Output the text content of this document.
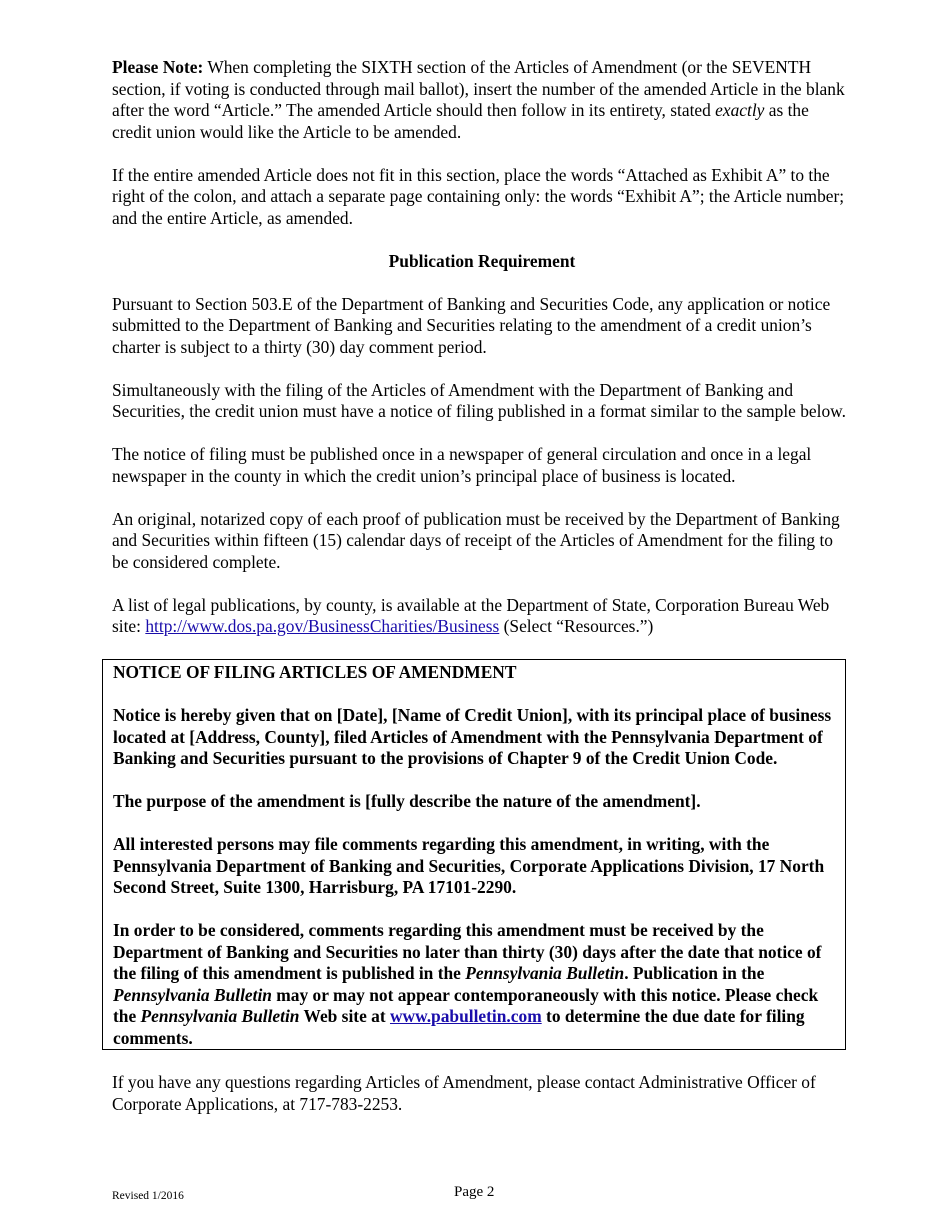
Please Note: When completing the SIXTH section of the Articles of Amendment (or the SEVENTH section, if voting is conducted through mail ballot), insert the number of the amended Article in the blank after the word “Article.” The amended Article should then follow in its entirety, stated exactly as the credit union would like the Article to be amended.

If the entire amended Article does not fit in this section, place the words “Attached as Exhibit A” to the right of the colon, and attach a separate page containing only: the words “Exhibit A”; the Article number; and the entire Article, as amended.

Publication Requirement

Pursuant to Section 503.E of the Department of Banking and Securities Code, any application or notice submitted to the Department of Banking and Securities relating to the amendment of a credit union’s charter is subject to a thirty (30) day comment period.

Simultaneously with the filing of the Articles of Amendment with the Department of Banking and Securities, the credit union must have a notice of filing published in a format similar to the sample below.

The notice of filing must be published once in a newspaper of general circulation and once in a legal newspaper in the county in which the credit union’s principal place of business is located.

An original, notarized copy of each proof of publication must be received by the Department of Banking and Securities within fifteen (15) calendar days of receipt of the Articles of Amendment for the filing to be considered complete.

A list of legal publications, by county, is available at the Department of State, Corporation Bureau Web site: http://www.dos.pa.gov/BusinessCharities/Business (Select “Resources.”)

NOTICE OF FILING ARTICLES OF AMENDMENT

Notice is hereby given that on [Date], [Name of Credit Union], with its principal place of business located at [Address, County], filed Articles of Amendment with the Pennsylvania Department of Banking and Securities pursuant to the provisions of Chapter 9 of the Credit Union Code.

The purpose of the amendment is [fully describe the nature of the amendment].

All interested persons may file comments regarding this amendment, in writing, with the Pennsylvania Department of Banking and Securities, Corporate Applications Division, 17 North Second Street, Suite 1300, Harrisburg, PA 17101-2290.

In order to be considered, comments regarding this amendment must be received by the Department of Banking and Securities no later than thirty (30) days after the date that notice of the filing of this amendment is published in the Pennsylvania Bulletin. Publication in the Pennsylvania Bulletin may or may not appear contemporaneously with this notice. Please check the Pennsylvania Bulletin Web site at www.pabulletin.com to determine the due date for filing comments.

If you have any questions regarding Articles of Amendment, please contact Administrative Officer of Corporate Applications, at 717-783-2253.

Revised 1/2016	Page 2
